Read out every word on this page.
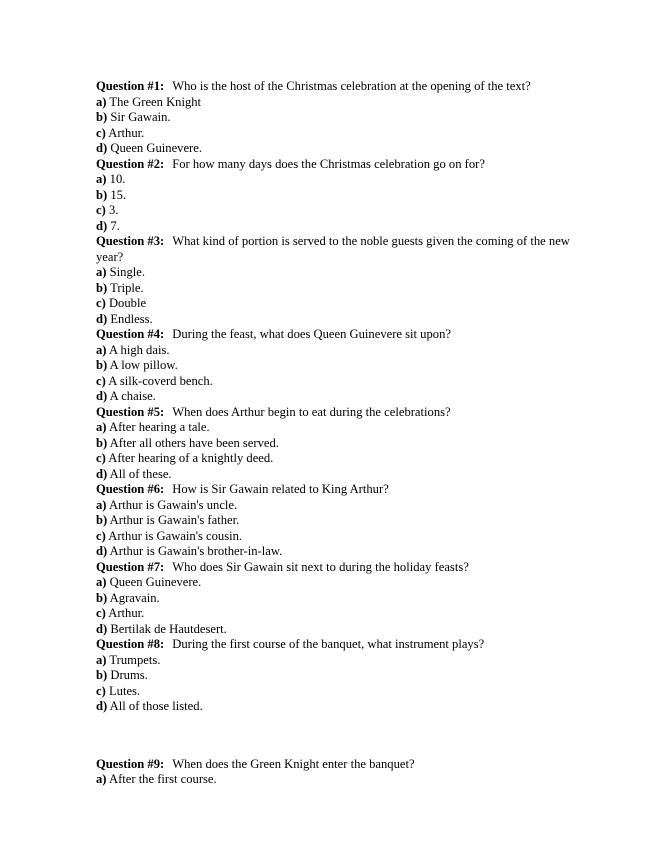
Question #1: Who is the host of the Christmas celebration at the opening of the text?

a) The Green Knight

b) Sir Gawain.

c) Arthur.

d) Queen Guinevere.

Question #2: For how many days does the Christmas celebration go on for?

a) 10.

b) 15.

c) 3.

d) 7.

Question #3: What kind of portion is served to the noble guests given the coming of the new year?

a) Single.

b) Triple.

c) Double

d) Endless.

Question #4: During the feast, what does Queen Guinevere sit upon?

a) A high dais.

b) A low pillow.

c) A silk-coverd bench.

d) A chaise.

Question #5: When does Arthur begin to eat during the celebrations?

a) After hearing a tale.

b) After all others have been served.

c) After hearing of a knightly deed.

d) All of these.

Question #6: How is Sir Gawain related to King Arthur?

a) Arthur is Gawain's uncle.

b) Arthur is Gawain's father.

c) Arthur is Gawain's cousin.

d) Arthur is Gawain's brother-in-law.

Question #7: Who does Sir Gawain sit next to during the holiday feasts?

a) Queen Guinevere.

b) Agravain.

c) Arthur.

d) Bertilak de Hautdesert.

Question #8: During the first course of the banquet, what instrument plays?

a) Trumpets.

b) Drums.

c) Lutes.

d) All of those listed.

Question #9: When does the Green Knight enter the banquet?

a) After the first course.
